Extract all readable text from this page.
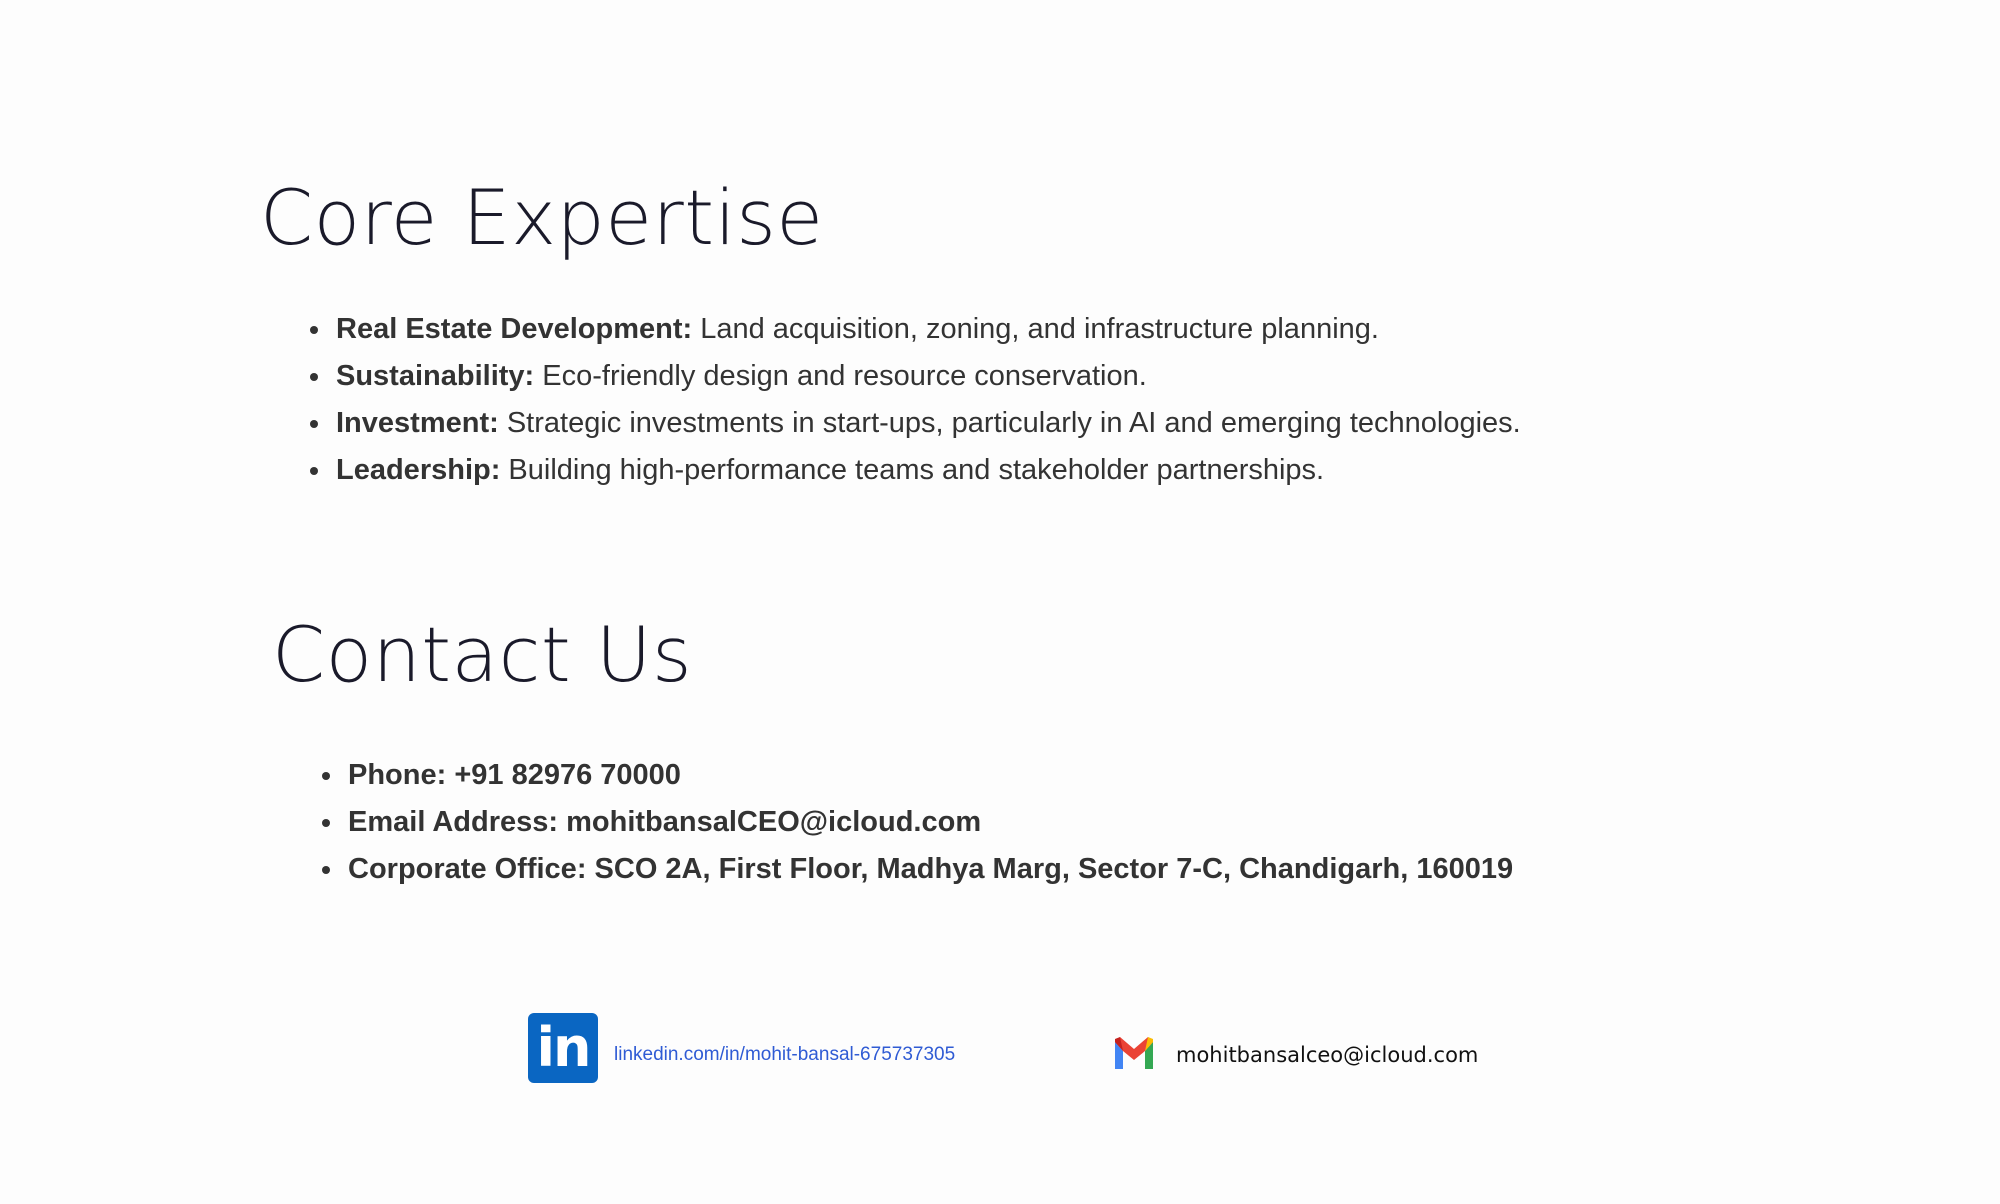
Core Expertise
Real Estate Development: Land acquisition, zoning, and infrastructure planning.
Sustainability: Eco-friendly design and resource conservation.
Investment: Strategic investments in start-ups, particularly in AI and emerging technologies.
Leadership: Building high-performance teams and stakeholder partnerships.
Contact Us
Phone: +91 82976 70000
Email Address: mohitbansalCEO@icloud.com
Corporate Office: SCO 2A, First Floor, Madhya Marg, Sector 7-C, Chandigarh, 160019
in	linkedin.com/in/mohit-bansal-675737305	mohitbansalceo@icloud.com
